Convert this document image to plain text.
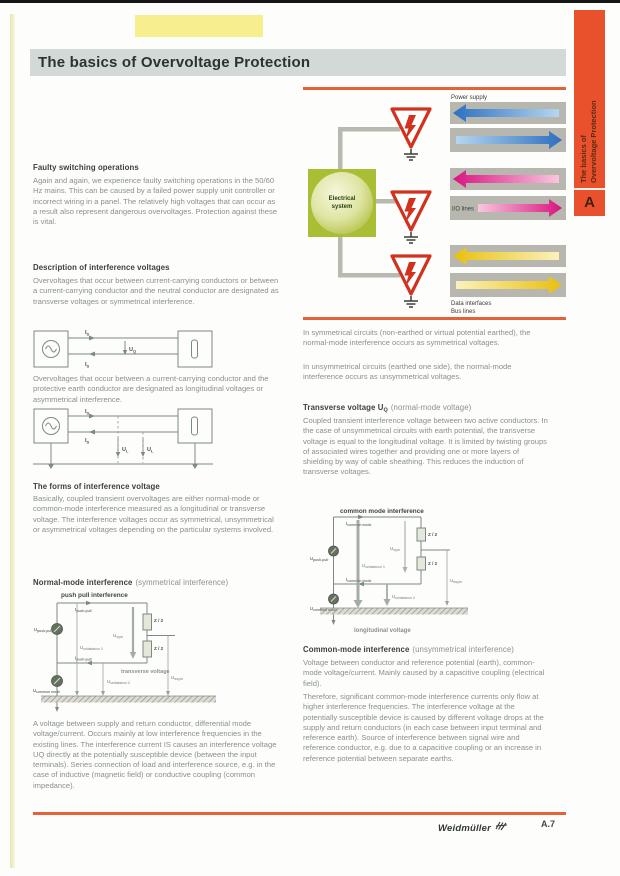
The basics of Overvoltage Protection
The basics of Overvoltage Protection
A
Faulty switching operations
Again and again, we experience faulty switching operations in the 50/60 Hz mains. This can be caused by a failed power supply unit controller or incorrect wiring in a panel. The relatively high voltages that can occur as a result also represent dangerous overvoltages. Protection against these is vital.
Description of interference voltages
Overvoltages that occur between current-carrying conductors or between a current-carrying conductor and the neutral conductor are designated as transverse voltages or symmetrical interference.
$I_S$
$U_Q$
$I_S$
Overvoltages that occur between a current-carrying conductor and the protective earth conductor are designated as longitudinal voltages or asymmetrical interference.
$I_S$
$I_S$
$U_L$	$U_L$
The forms of interference voltage
Basically, coupled transient overvoltages are either normal-mode or common-mode interference measured as a longitudinal or transverse voltage. The interference voltages occur as symmetrical, unsymmetrical or asymmetrical voltages depending on the particular systems involved.
Normal-mode interference (symmetrical interference)
push pull interference
$I_{push-pull}$
$I_{push-pull}$
$U_{push-pull}$
$U_{common mode}$
$U_{sym}$
Z / 2
Z / 2
$U_{unbalance 1}$
transverse voltage
$U_{unbalance 2}$
$U_{asym}$
A voltage between supply and return conductor, differential mode voltage/current. Occurs mainly at low interference frequencies in the existing lines. The interference current IS causes an interference voltage UQ directly at the potentially susceptible device (between the input terminals). Series connection of load and interference source, e.g. in the case of inductive (magnetic field) or conductive coupling (common impedance).
Electrical system
Power supply
I/O lines
Data interfaces
Bus lines
In symmetrical circuits (non-earthed or virtual potential earthed), the normal-mode interference occurs as symmetrical voltages.
In unsymmetrical circuits (earthed one side), the normal-mode interference occurs as unsymmetrical voltages.
Transverse voltage UQ (normal-mode voltage)
Coupled transient interference voltage between two active conductors. In the case of unsymmetrical circuits with earth potential, the transverse voltage is equal to the longitudinal voltage. It is limited by twisting groups of associated wires together and providing one or more layers of shielding by way of cable sheathing. This reduces the induction of transverse voltages.
common mode interference
$I_{common mode}$
$I_{common mode}$
$U_{push-pull}$
$U_{common mode}$
$U_{sym}$
Z / 2
Z / 2
$U_{unbalance 1}$
$U_{unbalance 2}$
$U_{asym}$
longitudinal voltage
Common-mode interference (unsymmetrical interference)
Voltage between conductor and reference potential (earth), common-mode voltage/current. Mainly caused by a capacitive coupling (electrical field).
Therefore, significant common-mode interference currents only flow at higher interference frequencies. The interference voltage at the potentially susceptible device is caused by different voltage drops at the supply and return conductors (in each case between input terminal and reference earth). Source of interference between signal wire and reference conductor, e.g. due to a capacitive coupling or an increase in reference potential between separate earths.
Weidmüller	A.7
